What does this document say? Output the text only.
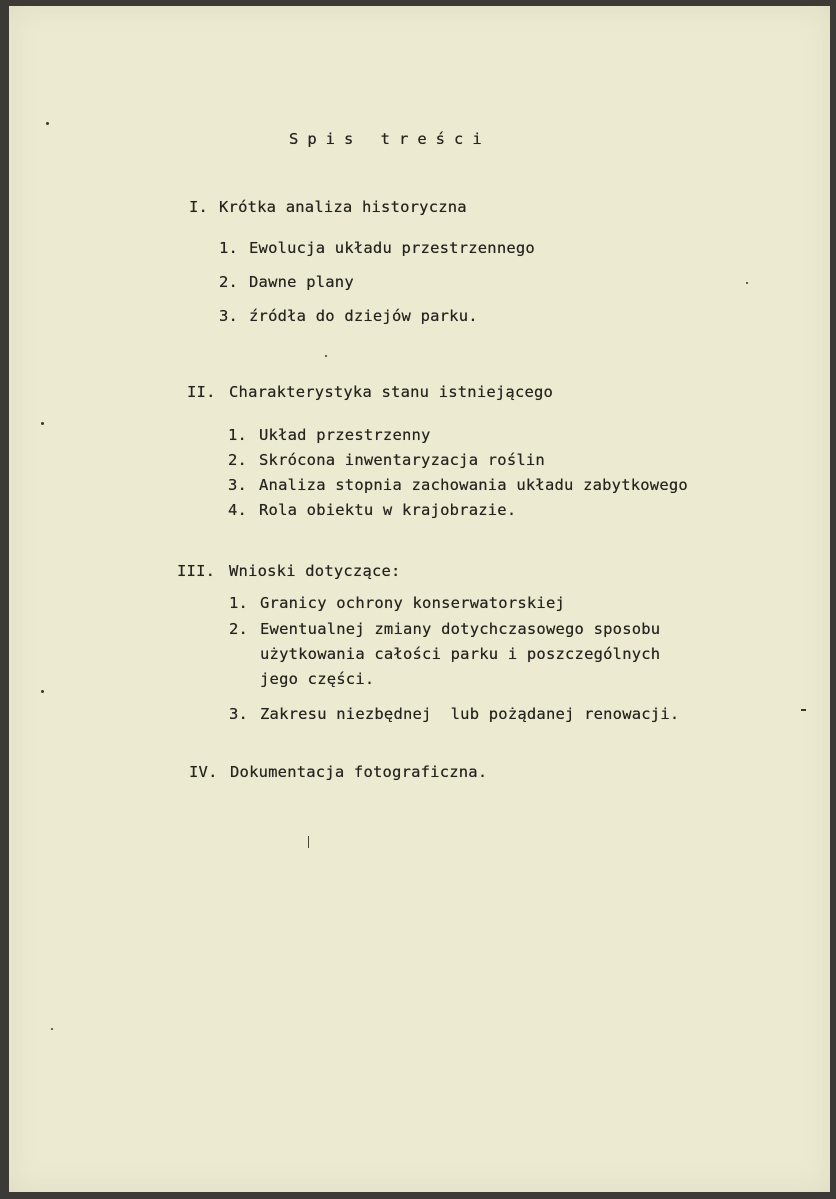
Spis treści
I. Krótka analiza historyczna
1. Ewolucja układu przestrzennego
2. Dawne plany
3. źródła do dziejów parku.
II. Charakterystyka stanu istniejącego
1. Układ przestrzenny
2. Skrócona inwentaryzacja roślin
3. Analiza stopnia zachowania układu zabytkowego
4. Rola obiektu w krajobrazie.
III. Wnioski dotyczące:
1. Granicy ochrony konserwatorskiej
2. Ewentualnej zmiany dotychczasowego sposobu
użytkowania całości parku i poszczególnych
jego części.
3. Zakresu niezbędnej  lub pożądanej renowacji.
IV. Dokumentacja fotograficzna.
